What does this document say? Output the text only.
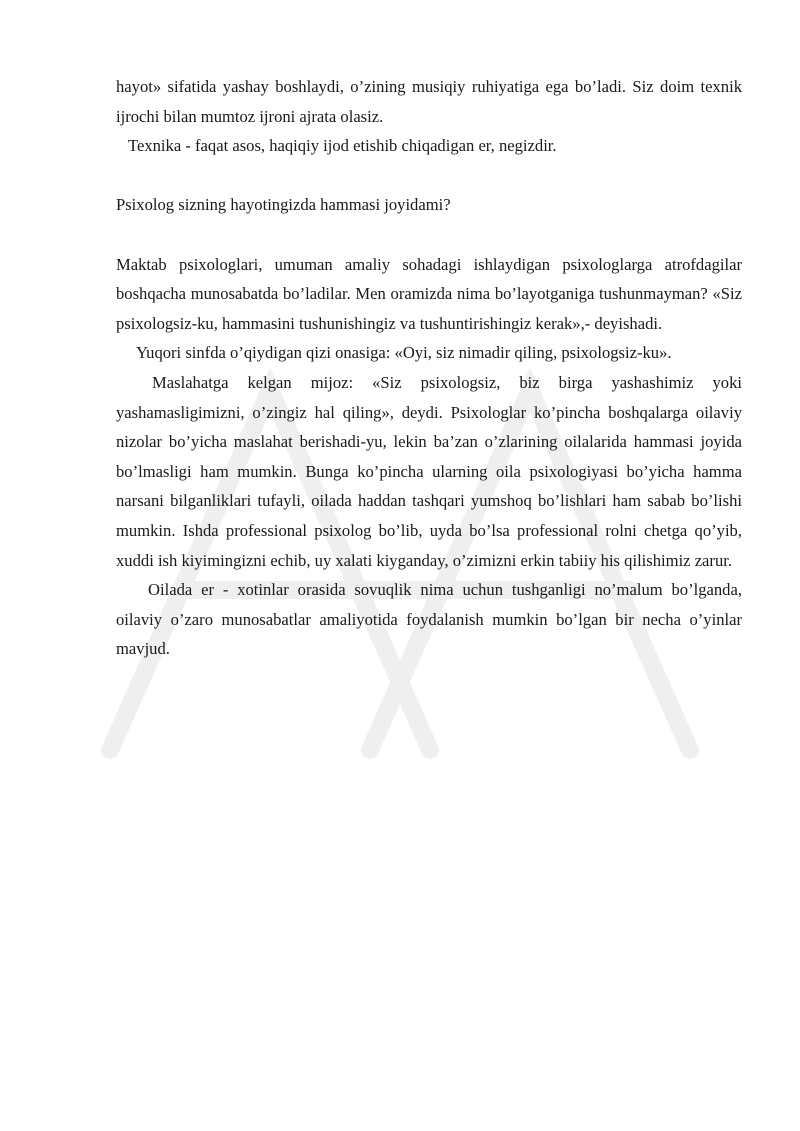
hayot» sifatida yashay boshlaydi, o’zining musiqiy ruhiyatiga ega bo’ladi. Siz doim texnik ijrochi bilan mumtoz ijroni ajrata olasiz.

Texnika - faqat asos, haqiqiy ijod etishib chiqadigan er, negizdir.

Psixolog sizning hayotingizda hammasi joyidami?

Maktab psixologlari, umuman amaliy sohadagi ishlaydigan psixologlarga atrofdagilar boshqacha munosabatda bo’ladilar. Men oramizda nima bo’layotganiga tushunmayman? «Siz psixologsiz-ku, hammasini tushunishingiz va tushuntirishingiz kerak»,- deyishadi.

Yuqori sinfda o’qiydigan qizi onasiga: «Oyi, siz nimadir qiling, psixologsiz-ku».

Maslahatga kelgan mijoz: «Siz psixologsiz, biz birga yashashimiz yoki yashamasligimizni, o’zingiz hal qiling», deydi. Psixologlar ko’pincha boshqalarga oilaviy nizolar bo’yicha maslahat berishadi-yu, lekin ba’zan o’zlarining oilalarida hammasi joyida bo’lmasligi ham mumkin. Bunga ko’pincha ularning oila psixologiyasi bo’yicha hamma narsani bilganliklari tufayli, oilada haddan tashqari yumshoq bo’lishlari ham sabab bo’lishi mumkin. Ishda professional psixolog bo’lib, uyda bo’lsa professional rolni chetga qo’yib, xuddi ish kiyimingizni echib, uy xalati kiyganday, o’zimizni erkin tabiiy his qilishimiz zarur.

Oilada er - xotinlar orasida sovuqlik nima uchun tushganligi no’malum bo’lganda, oilaviy o’zaro munosabatlar amaliyotida foydalanish mumkin bo’lgan bir necha o’yinlar mavjud.
